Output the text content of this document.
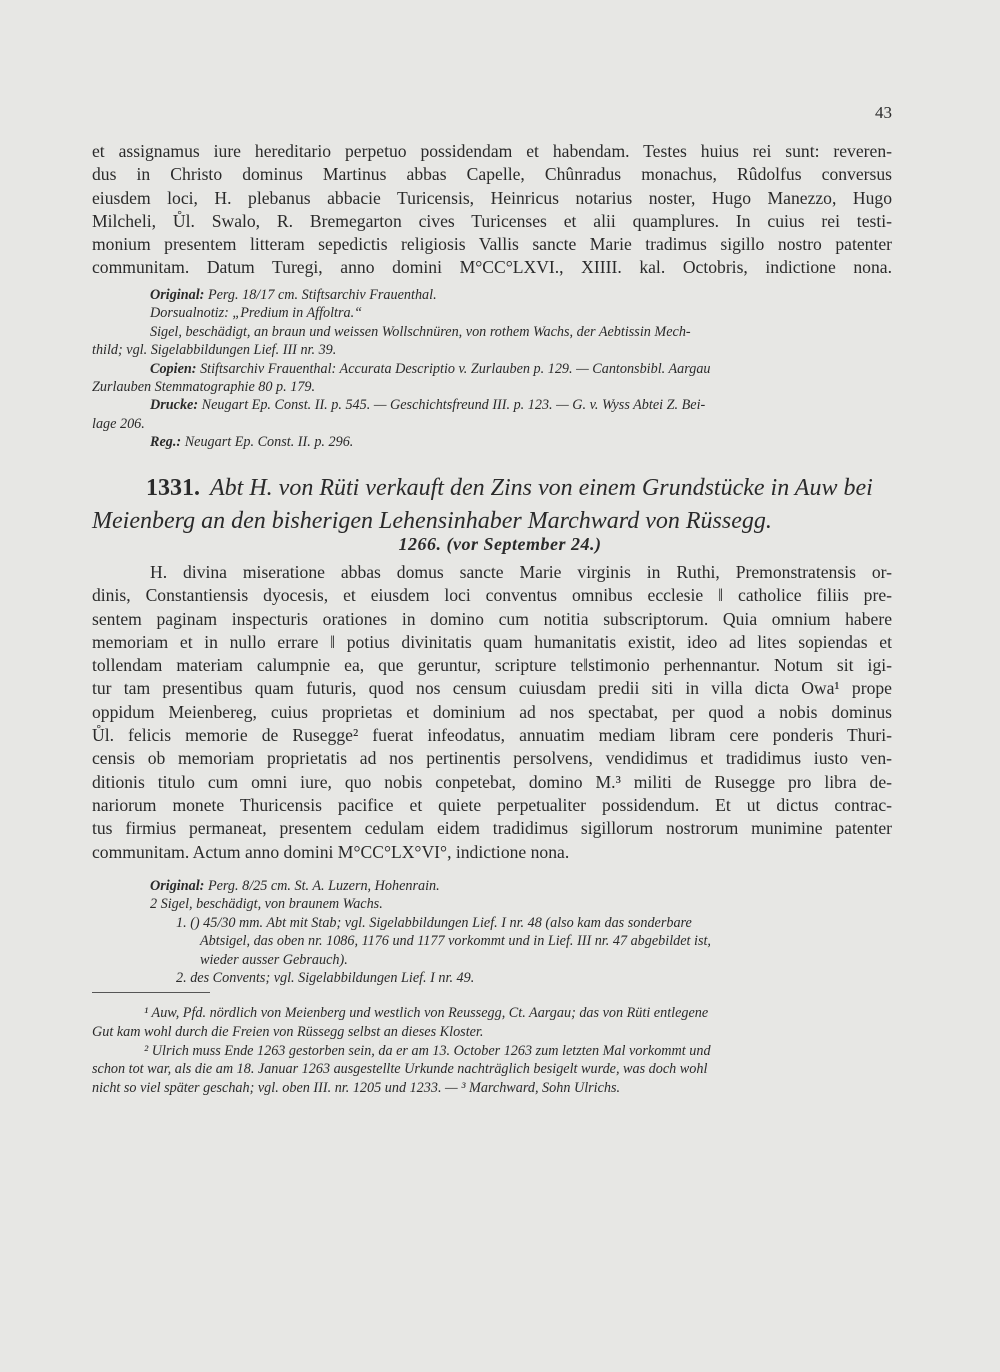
43
et assignamus iure hereditario perpetuo possidendam et habendam. Testes huius rei sunt: reveren-
dus in Christo dominus Martinus abbas Capelle, Chûnradus monachus, Rûdolfus conversus
eiusdem loci, H. plebanus abbacie Turicensis, Heinricus notarius noster, Hugo Manezzo, Hugo
Milcheli, Ůl. Swalo, R. Bremegarton cives Turicenses et alii quamplures. In cuius rei testi-
monium presentem litteram sepedictis religiosis Vallis sancte Marie tradimus sigillo nostro patenter
communitam. Datum Turegi, anno domini M°CC°LXVI., XIIII. kal. Octobris, indictione nona.
Original: Perg. 18/17 cm. Stiftsarchiv Frauenthal.
Dorsualnotiz: „Predium in Affoltra.“
Sigel, beschädigt, an braun und weissen Wollschnüren, von rothem Wachs, der Aebtissin Mech-
thild; vgl. Sigelabbildungen Lief. III nr. 39.
Copien: Stiftsarchiv Frauenthal: Accurata Descriptio v. Zurlauben p. 129. — Cantonsbibl. Aargau
Zurlauben Stemmatographie 80 p. 179.
Drucke: Neugart Ep. Const. II. p. 545. — Geschichtsfreund III. p. 123. — G. v. Wyss Abtei Z. Bei-
lage 206.
Reg.: Neugart Ep. Const. II. p. 296.
1331. Abt H. von Rüti verkauft den Zins von einem Grundstücke in Auw bei
Meienberg an den bisherigen Lehensinhaber Marchward von Rüssegg.
1266. (vor September 24.)
H. divina miseratione abbas domus sancte Marie virginis in Ruthi, Premonstratensis or-
dinis, Constantiensis dyocesis, et eiusdem loci conventus omnibus ecclesie ‖ catholice filiis pre-
sentem paginam inspecturis orationes in domino cum notitia subscriptorum. Quia omnium habere
memoriam et in nullo errare ‖ potius divinitatis quam humanitatis existit, ideo ad lites sopiendas et
tollendam materiam calumpnie ea, que geruntur, scripture te‖stimonio perhennantur. Notum sit igi-
tur tam presentibus quam futuris, quod nos censum cuiusdam predii siti in villa dicta Owa¹ prope
oppidum Meienbereg, cuius proprietas et dominium ad nos spectabat, per quod a nobis dominus
Ůl. felicis memorie de Rusegge² fuerat infeodatus, annuatim mediam libram cere ponderis Thuri-
censis ob memoriam proprietatis ad nos pertinentis persolvens, vendidimus et tradidimus iusto ven-
ditionis titulo cum omni iure, quo nobis conpetebat, domino M.³ militi de Rusegge pro libra de-
nariorum monete Thuricensis pacifice et quiete perpetualiter possidendum. Et ut dictus contrac-
tus firmius permaneat, presentem cedulam eidem tradidimus sigillorum nostrorum munimine patenter
communitam. Actum anno domini M°CC°LX°VI°, indictione nona.
Original: Perg. 8/25 cm. St. A. Luzern, Hohenrain.
2 Sigel, beschädigt, von braunem Wachs.
1. () 45/30 mm. Abt mit Stab; vgl. Sigelabbildungen Lief. I nr. 48 (also kam das sonderbare
Abtsigel, das oben nr. 1086, 1176 und 1177 vorkommt und in Lief. III nr. 47 abgebildet ist,
wieder ausser Gebrauch).
2. des Convents; vgl. Sigelabbildungen Lief. I nr. 49.
¹ Auw, Pfd. nördlich von Meienberg und westlich von Reussegg, Ct. Aargau; das von Rüti entlegene
Gut kam wohl durch die Freien von Rüssegg selbst an dieses Kloster.
² Ulrich muss Ende 1263 gestorben sein, da er am 13. October 1263 zum letzten Mal vorkommt und
schon tot war, als die am 18. Januar 1263 ausgestellte Urkunde nachträglich besigelt wurde, was doch wohl
nicht so viel später geschah; vgl. oben III. nr. 1205 und 1233. — ³ Marchward, Sohn Ulrichs.
